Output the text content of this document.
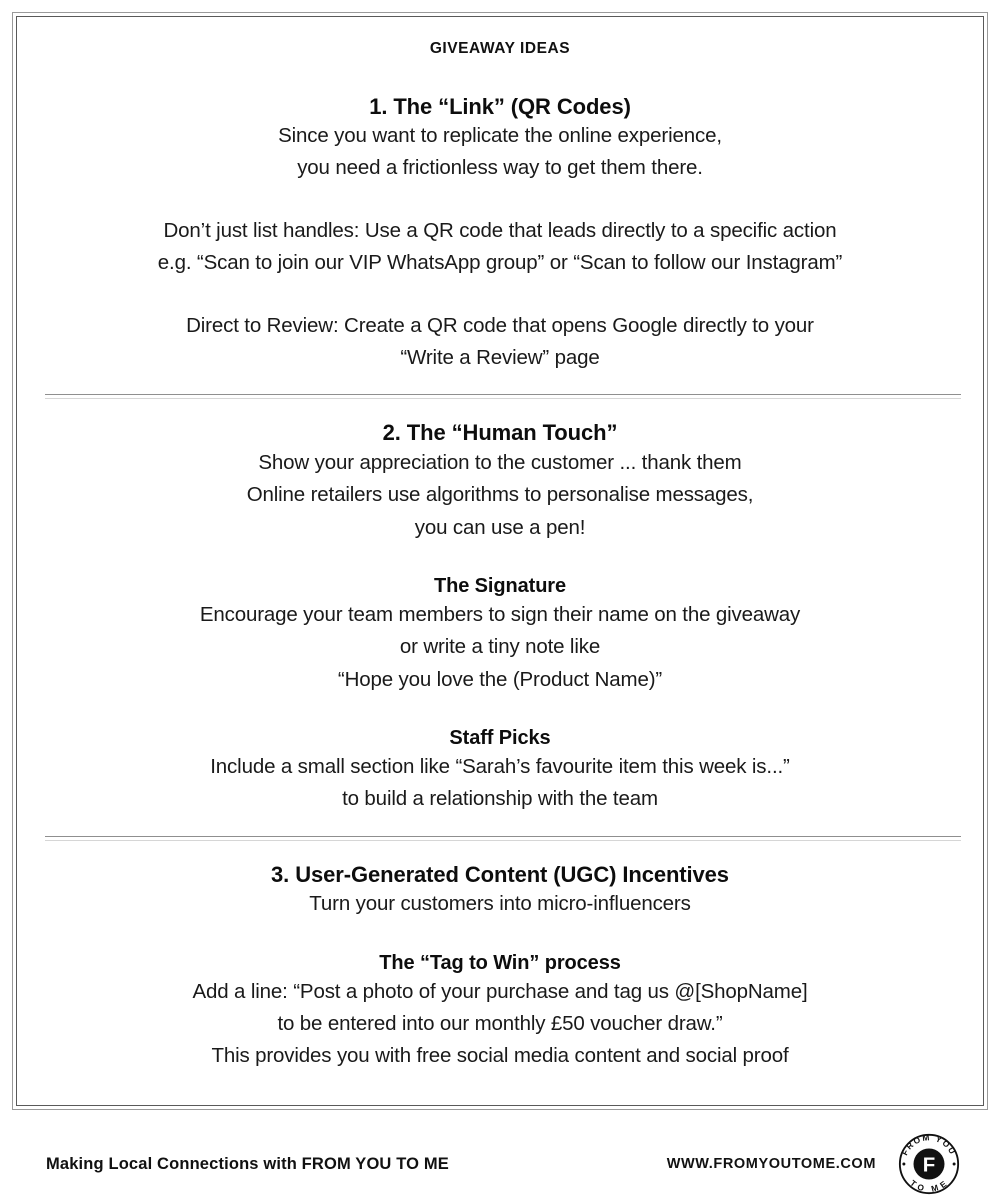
GIVEAWAY IDEAS
1. The “Link” (QR Codes)
Since you want to replicate the online experience,
you need a frictionless way to get them there.
Don’t just list handles: Use a QR code that leads directly to a specific action
e.g. “Scan to join our VIP WhatsApp group” or “Scan to follow our Instagram”
Direct to Review: Create a QR code that opens Google directly to your
“Write a Review” page
2. The “Human Touch”
Show your appreciation to the customer ... thank them
Online retailers use algorithms to personalise messages,
you can use a pen!
The Signature
Encourage your team members to sign their name on the giveaway
or write a tiny note like
“Hope you love the (Product Name)”
Staff Picks
Include a small section like “Sarah’s favourite item this week is...”
to build a relationship with the team
3. User-Generated Content (UGC) Incentives
Turn your customers into micro-influencers
The “Tag to Win” process
Add a line: “Post a photo of your purchase and tag us @[ShopName]
to be entered into our monthly £50 voucher draw.”
This provides you with free social media content and social proof
Making Local Connections with FROM YOU TO ME	WWW.FROMYOUTOME.COM F
FROM YOU
TO ME
